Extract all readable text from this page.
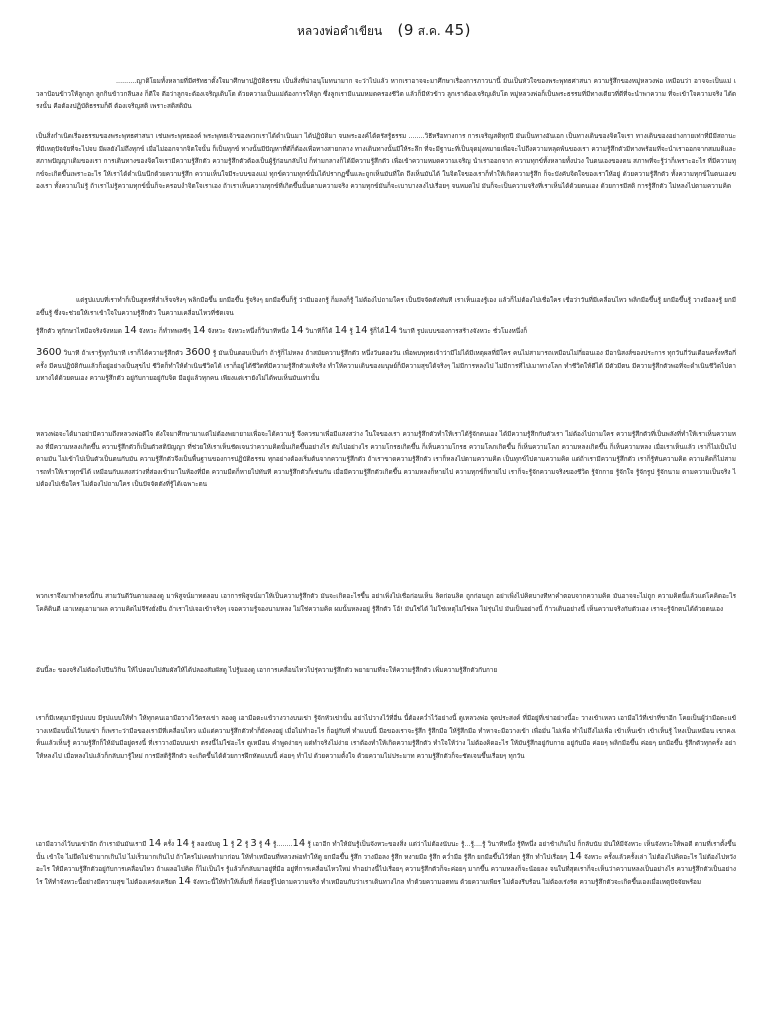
หลวงพ่อคำเขียน (9 ส.ค. 45)

..........ญาติโยมทั้งหลายที่มีศรัทธาตั้งใจมาศึกษาปฏิบัติธรรม เป็นสิ่งที่น่าอนุโมทนามาก จะว่าไปแล้ว หากเราอาจจะมาศึกษาเรื่องการภาวนานี้ มันเป็นหัวใจของพระพุทธศาสนา ความรู้สึกของหมู่หลวงพ่อ เหมือนว่า อาจจะเป็นแม่ เวลาป้อนข้าวให้ลูกลูก ลูกกินข้าวกลืนลง ก็ดีใจ ดีอว่าลูกจะต้องเจริญเติบโต ด้วยความเป็นแม่ต้องการให้ลูก ซึ่งลูกเรามีแนมหมดครองชีวิต แล้วก็มีหัวข้าว ลูกเราต้องเจริญเติบโต หมู่หลวงพ่อก็เป็นพระธรรมที่มีทางเดียวที่ดีที่จะนำพาความ ที่จะเข้าใจความจริง ได้ตรงนั้น คือต้องปฏิบัติธรรมก็ดี ต้องเจริญสติ เพราะสติสติมัน

เป็นสิ่งกำเนิดเรื่องธรรมของพระพุทธศาสนา เช่นพระพุทธองค์ พระพุทธเจ้าของพวกเราได้ดำเนินมา ได้ปฏิบัติมา จนพระองค์ได้ตรัสรู้ธรรม ........วิธีหรือทางการ การเจริญสติทุกปี มันเป็นทางอันเอก เป็นทางเดินของจิตใจเรา ทางเดินของอย่างกายเท่าที่มีมีสถานะ ที่มีเหตุปัจจัยที่จะไปจบ มีผลยังไม่ถึงทุกข์ เมื่อไม่ออกจากจิตใจนั้น ก็เป็นทุกข์ ทางนั้นมีปัญหาที่ดีก็ต้องเพื่อทางสายกลาง ทางเดินทางนั้นมีให้ระลึก ที่จะมีฐานะที่เป็นจุดมุ่งหมายเพื่อจะไปถึงความหลุดพ้นของเรา ความรู้สึกตัวมีทางพร้อมที่จะนำเราออกจากสมมติและสภาพปัญญาเดิมของเรา การเดินทางของจิตใจเรามีความรู้สึกตัว ความรู้สึกตัวต้องเป็นผู้รู้ก่อนกลับไป ก็ท่ามกลางก็ได้มีความรู้สึกตัว เพื่อเข้าความหมดความเจริญ นำเราออกจาก ความทุกข์ทั้งหลายทั้งปวง ในตนเองของตน สภาพที่จะรู้ว่าก็เพราะอะไร ที่มีความทุกข์จะเกิดขึ้นเพราะอะไร ให้เราได้ดำเนินนึกด้วยความรู้สึก ความเห็นใจมีระบบของแม่ ทุกข์ความทุกข์นั้นได้ปรากฏขึ้นและถูกเห็นมันที่ใด ถึงเห็นมันได้ ในจิตใจของเราก็ทำให้เกิดความรู้สึก ก็จะบังคับจิตใจของเราให้อยู่ ด้วยความรู้สึกตัว ทั้งความทุกข์ในตนเองของเรา ทั้งความไม่รู้ ถ้าเราไม่รู้ความทุกข์นั้นก็จะครอบงำจิตใจเราเอง ถ้าเราเห็นความทุกข์ที่เกิดขึ้นนั้นตามความจริง ความทุกข์มันก็จะเบาบางลงไปเรื่อยๆ จนหมดไป มันก็จะเป็นความจริงที่เราเห็นได้ด้วยตนเอง ด้วยการมีสติ การรู้สึกตัว ไม่หลงไปตามความคิด

แต่รูปแบบที่เราทำก็เป็นสูตรที่สำเร็จจริงๆ พลิกมือขึ้น ยกมือขึ้น รู้จริงๆ ยกมือขึ้นก็รู้ ว่ามีมองกรู้ ก็มลงก็รู้ ไม่ต้องไปถามใคร เป็นปัจจัตตังทันที เราเห็นเองรู้เอง แล้วก็ไม่ต้องไปเชื่อใคร เชื่อว่าวันที่มีเคลื่อนไหว พลิกมือขึ้นรู้ ยกมือขึ้นรู้ วางมือลงรู้ ยกมือขึ้นรู้ ซึ่งจะช่วยให้เราเข้าใจในความรู้สึกตัว ในความเคลื่อนไหวที่ชัดเจน

รู้สึกตัว ทุกักษาไหมือจริงจังหมด 14 จังหวะ ก็ทำทพลซีๆ 14 จังหวะ จังหวะหนึ่งก็วินาทีหนึ่ง 14 วินาทีก็ได้ 14 รู้ 14 รู้ก็ได้14 วินาที รูปแบบของการสร้างจังหวะ ชั่วโมงหนึ่งก็

3600 วินาที ถ้าเรารู้ทุกวินาที เราก็ได้ความรู้สึกตัว 3600 รู้ มันเป็นตอบเป็นกำ ถ้ารู้ก็ไม่หลง ถ้าสมัยความรู้สึกตัว หนึ่งวันตองวัน เพื่อพบพุทธเจ้าว่ามีไม่ได้มีเหตุผลที่มีใคร คนไม่สามารถเหมือนไม่กี่ยอนเอง มีอานิสงส์ของประการ ทุกวันกี่วันเดือนครั้งหรือกี่ครั้ง มีคนปฏิบัติกันแล้วก็อยู่อย่างเป็นสุขไป ชีวิตก็ทำให้ดำเนินชีวิตได้ เราก็อยู่ได้ชีวิตที่มีความรู้สึกตัวแท้จริง ทำให้ความเดินของมนุษย์ก็มีความสุขได้จริงๆ ไม่มีการหลงไป ไม่มีการที่ไปเมาทางโลก ทำชีวิตให้ดีได้ มีตัวมีตน มีความรู้สึกตัวพอที่จะดำเนินชีวิตไปตามทางได้ด้วยตนเอง ความรู้สึกตัว อยู่กับกายอยู่กับจิต มีอยู่แล้วทุกคน เพียงแต่เรายังไม่ได้พบเห็นมันเท่านั้น

หลวงพ่อจะได้มาอย่ามีความถึงหลวงพ่อดีใจ ดังใจมาศึกษามาแต่ไม่ต้องพยายามเพื่อจะได้ความรู้ จึงควรมาเพื่อมีแสงสว่าง ในใจของเรา ความรู้สึกตัวทำให้เราได้รู้จักตนเอง ได้มีความรู้สึกกับตัวเรา ไม่ต้องไปถามใคร ความรู้สึกตัวที่เป็นพลังที่ทำให้เราเห็นความหลง ที่มีความหลงเกิดขึ้น ความรู้สึกตัวก็เป็นตัวสติปัญญา ที่ช่วยให้เราเห็นชัดเจนว่าความคิดนั้นเกิดขึ้นอย่างไร ดับไปอย่างไร ความโกรธเกิดขึ้น ก็เห็นความโกรธ ความโลภเกิดขึ้น ก็เห็นความโลภ ความหลงเกิดขึ้น ก็เห็นความหลง เมื่อเราเห็นแล้ว เราก็ไม่เป็นไปตามมัน ไม่เข้าไปเป็นตัวเป็นตนกับมัน ความรู้สึกตัวจึงเป็นพื้นฐานของการปฏิบัติธรรม ทุกอย่างต้องเริ่มต้นจากความรู้สึกตัว ถ้าเราขาดความรู้สึกตัว เราก็หลงไปตามความคิด เป็นทุกข์ไปตามความคิด แต่ถ้าเรามีความรู้สึกตัว เราก็รู้ทันความคิด ความคิดก็ไม่สามารถทำให้เราทุกข์ได้ เหมือนกับแสงสว่างที่ส่องเข้ามาในห้องที่มืด ความมืดก็หายไปทันที ความรู้สึกตัวก็เช่นกัน เมื่อมีความรู้สึกตัวเกิดขึ้น ความหลงก็หายไป ความทุกข์ก็หายไป เราก็จะรู้จักความจริงของชีวิต รู้จักกาย รู้จักใจ รู้จักรูป รู้จักนาม ตามความเป็นจริง ไม่ต้องไปเชื่อใคร ไม่ต้องไปถามใคร เป็นปัจจัตตังที่รู้ได้เฉพาะตน

พวกเราจึงมาทำตรงนี้กัน สามวันดีวันตามลองดู มาพิสูจน์มาทดลอบ เอาการพิสูจน์มาให้เป็นความรู้สึกตัว มันจะเกิดอะไรขึ้น อย่าเพิ่งไปเชื่อก่อนเห็น ลิดก่อนลิด ถูกก่อนถูก อย่าเพิ่งไปคิดบางทีหาคำตอบจากความคิด มันอาจจะไม่ถูก ความคิดนี้แล้วแต่โคคิดอะไร โคคิดินดี เอาเหตุเอามาผล ความคิดไม่จีรังยั่งยืน ถ้าเราไปเจอเข้าจริงๆ เจอความรู้จองนามหลง ไม่ใช่ความคิด ผมนั้นหลงอยู่ รู้สึกตัว โอ้! มันใช่ได้ ไม่ใช่เหตุไม่ใช่ผล ไม่รุ่นไป มันเป็นอย่างนี้ ก้าวเดินอย่างนี้ เห็นความจริงกับตัวเอง เราจะรู้จักตนได้ด้วยตนเอง

อันนี้ละ ของจริงไม่ต้องไปปีนวิกิน ให้ไปตอบไปสัมผัสให้ได้ปลองสัมผัสดู ไปรู้มองดู เอาการเคลื่อนไหวไปรุ่ความรู้สึกตัว พยายามที่จะให้ความรู้สึกตัว เพิ่มความรู้สึกตัวกับกาย

เราก็มีเหตุมามีรูปแบบ มีรูปแบบให้ทำ ให้ทุกคนเอามือวางไว้ตรงเข่า ลองดู เอามือตะแข้วางวางบนเข่า รู้จักหัวเข่านั้น อย่าไปวางไว้ที่อื่น นี้ต้องคว่ำไว้อย่างนี้ ดูเหลวงพ่อ จุดประสงค์ ที่มีอยู่ที่เข่าอย่างนี้อะ วางเข้าเหลว เอามือไว้ที่เข่าที่ขาอีก โคยเป็นผู้ว่ามือตะแข้วางเหมือนนั้นไว้บนเข่า ก็เพราะว่ามือของเรามีที่เคลื่อนไหว แม้แต่ความรู้สึกตัวทำก็ยังคงอยู่ เมื่อไม่ทำอะไร ก็อยู่กับที่ ทำแบบนี้ มือของเราจะรู้สึก รู้สึกมือ ให้รู้สึกมือ ทำหาจะมือวางเข้า เพื่อมั่น ไม่เพื่อ ทำไม่ถึงไม่เพื่อ เข้าเห็นเข้า เข้าเห็นรู้ ไหงเป็นเหมือน เขาคงเห็นแล้วเห็นรู้ ความรู้สึกก็ให้มันมีอยู่ตรงนี้ ที่เราวางมือบนเข่า ตรงนี้ไม่ใช่อะไร ดูเหมือน คำพูดง่ายๆ แต่ทำจริงไม่ง่าย เราต้องทำให้เกิดความรู้สึกตัว ทำใจให้ว่าง ไม่ต้องคิดอะไร ให้มันรู้สึกอยู่กับกาย อยู่กับมือ ค่อยๆ พลิกมือขึ้น ค่อยๆ ยกมือขึ้น รู้สึกตัวทุกครั้ง อย่าให้หลงไป เมื่อหลงไปแล้วก็กลับมารู้ใหม่ การมีสติรู้สึกตัว จะเกิดขึ้นได้ด้วยการฝึกหัดแบบนี้ ค่อยๆ ทำไป ด้วยความตั้งใจ ด้วยความไม่ประมาท ความรู้สึกตัวก็จะชัดเจนขึ้นเรื่อยๆ ทุกวัน

เอามือวางไว้บนเข่าอีก ถ้าเรามันมันเรามี 14 ครั้ง 14 รู้ ลองนับดู 1 รู้ 2 รู้ 3 รู้ 4 รู้........14 รู้ เอาอีก ทำให้มันรู้เป็นจังหวะของสิ่ง แต่ว่าไม่ต้องนับนะ รู้...รู้....รู้ วินาทีหนึ่ง รู้ทีหนึ่ง อย่าช้าเกินไป ก็กลับนับ มันให้มีจังหวะ เห็นจังหวะให้พอดี ตามที่เราตั้งขึ้นนั้น เข้าใจ ไม่ยึดไม่ช้ามากเกินไป ไม่เร็วมากเกินไป ถ้าใครไม่เคยทำมาก่อน ให้ทำเหมือนที่หลวงพ่อทำให้ดู ยกมือขึ้น รู้สึก วางมือลง รู้สึก หงายมือ รู้สึก คว่ำมือ รู้สึก ยกมือขึ้นไว้ที่อก รู้สึก ทำไปเรื่อยๆ 14 จังหวะ ครั้งแล้วครั้งเล่า ไม่ต้องไปคิดอะไร ไม่ต้องไปหวังอะไร ให้มีความรู้สึกตัวอยู่กับการเคลื่อนไหว ถ้าเผลอไปคิด ก็ไม่เป็นไร รู้แล้วก็กลับมาอยู่ที่มือ อยู่ที่การเคลื่อนไหวใหม่ ทำอย่างนี้ไปเรื่อยๆ ความรู้สึกตัวก็จะค่อยๆ มากขึ้น ความหลงก็จะน้อยลง จนในที่สุดเราก็จะเห็นว่าความหลงเป็นอย่างไร ความรู้สึกตัวเป็นอย่างไร ให้ทำจังหวะนี้อย่างมีความสุข ไม่ต้องเคร่งเครียด 14 จังหวะนี้ให้ทำให้เต็มที่ ก็ค่อยรู้ไปตามความจริง ทำเหมือนกับว่าเราเดินทางไกล ทำด้วยความอดทน ด้วยความเพียร ไม่ต้องรีบร้อน ไม่ต้องเร่งรัด ความรู้สึกตัวจะเกิดขึ้นเองเมื่อเหตุปัจจัยพร้อม
